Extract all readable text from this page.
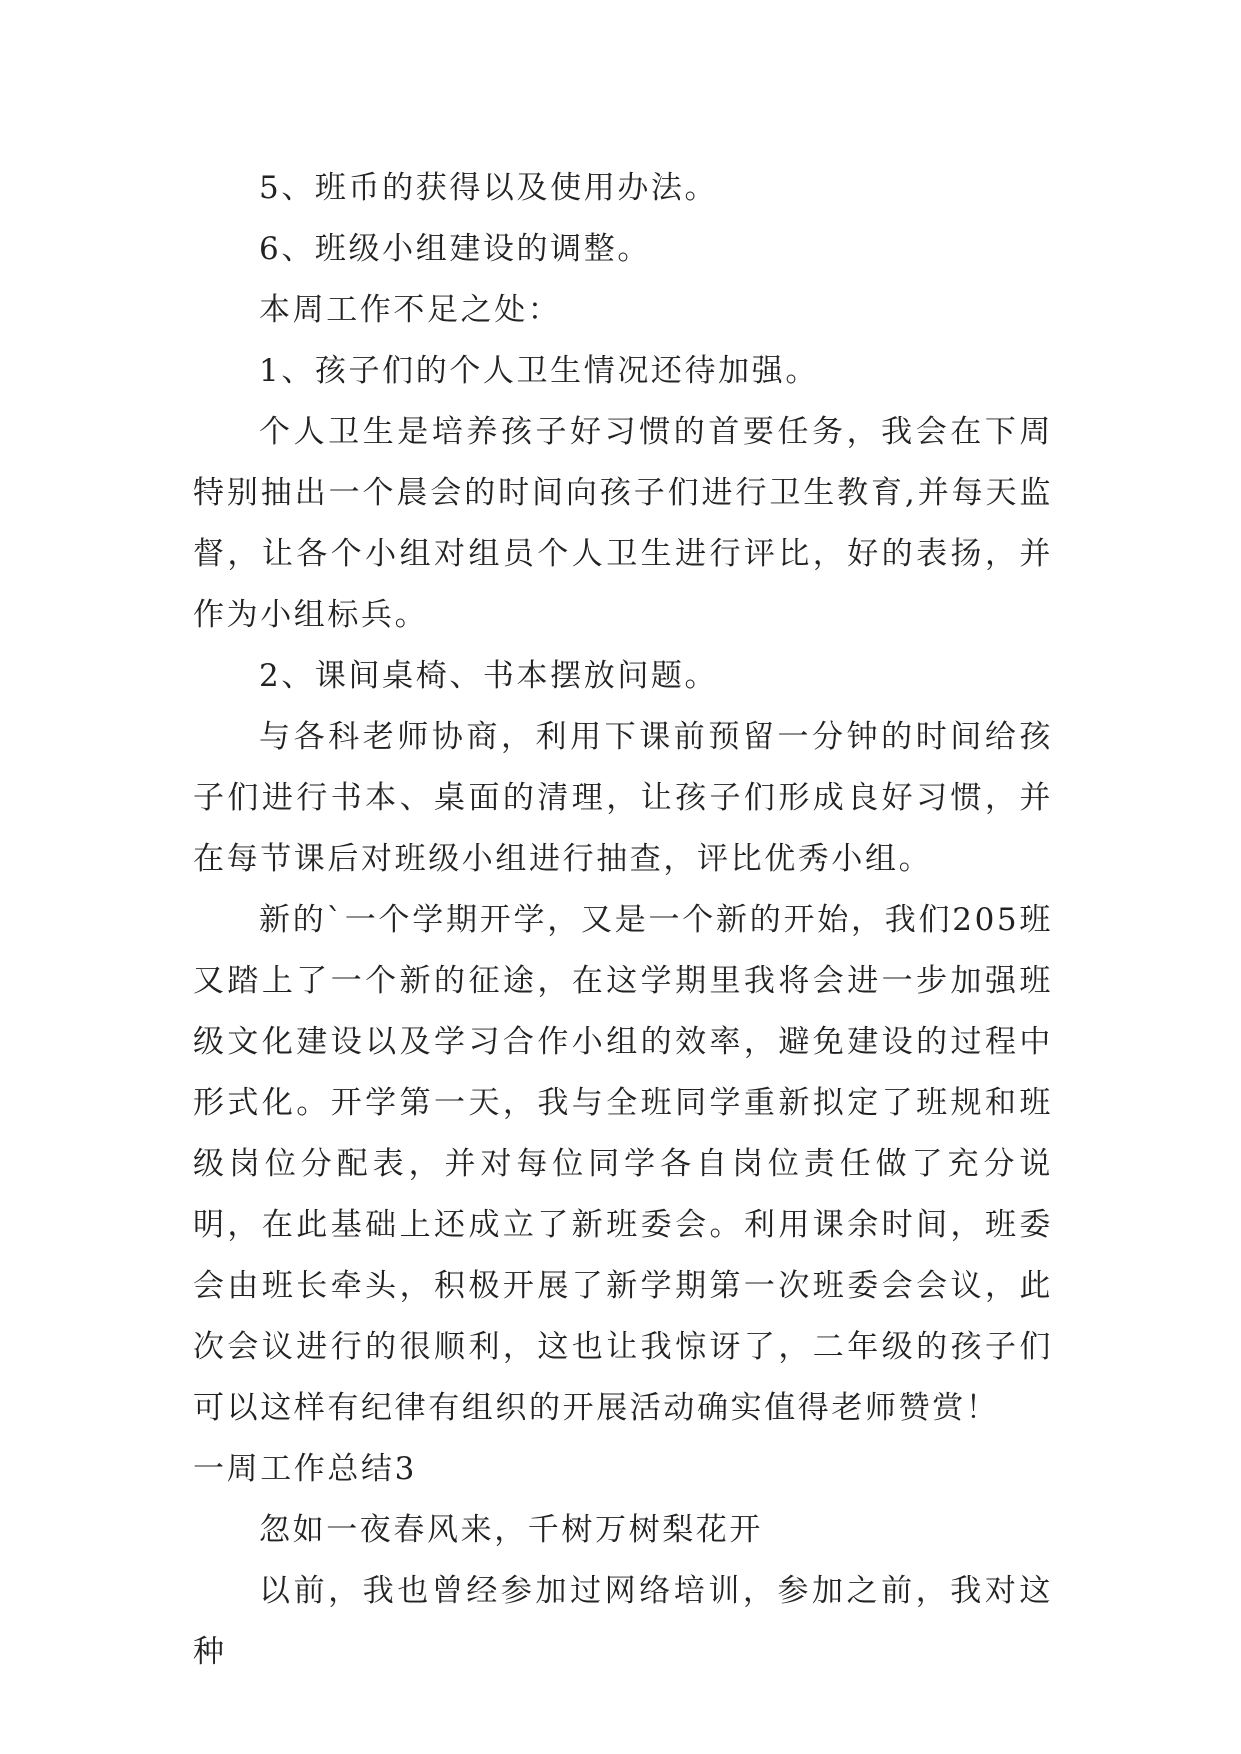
5、班币的获得以及使用办法。

6、班级小组建设的调整。

本周工作不足之处：

1、孩子们的个人卫生情况还待加强。

个人卫生是培养孩子好习惯的首要任务，我会在下周特别抽出一个晨会的时间向孩子们进行卫生教育,并每天监督，让各个小组对组员个人卫生进行评比，好的表扬，并作为小组标兵。

2、课间桌椅、书本摆放问题。

与各科老师协商，利用下课前预留一分钟的时间给孩子们进行书本、桌面的清理，让孩子们形成良好习惯，并在每节课后对班级小组进行抽查，评比优秀小组。

新的`一个学期开学，又是一个新的开始，我们205班又踏上了一个新的征途，在这学期里我将会进一步加强班级文化建设以及学习合作小组的效率，避免建设的过程中形式化。开学第一天，我与全班同学重新拟定了班规和班级岗位分配表，并对每位同学各自岗位责任做了充分说明，在此基础上还成立了新班委会。利用课余时间，班委会由班长牵头，积极开展了新学期第一次班委会会议，此次会议进行的很顺利，这也让我惊讶了，二年级的孩子们可以这样有纪律有组织的开展活动确实值得老师赞赏！

一周工作总结3

忽如一夜春风来，千树万树梨花开

以前，我也曾经参加过网络培训，参加之前，我对这种
